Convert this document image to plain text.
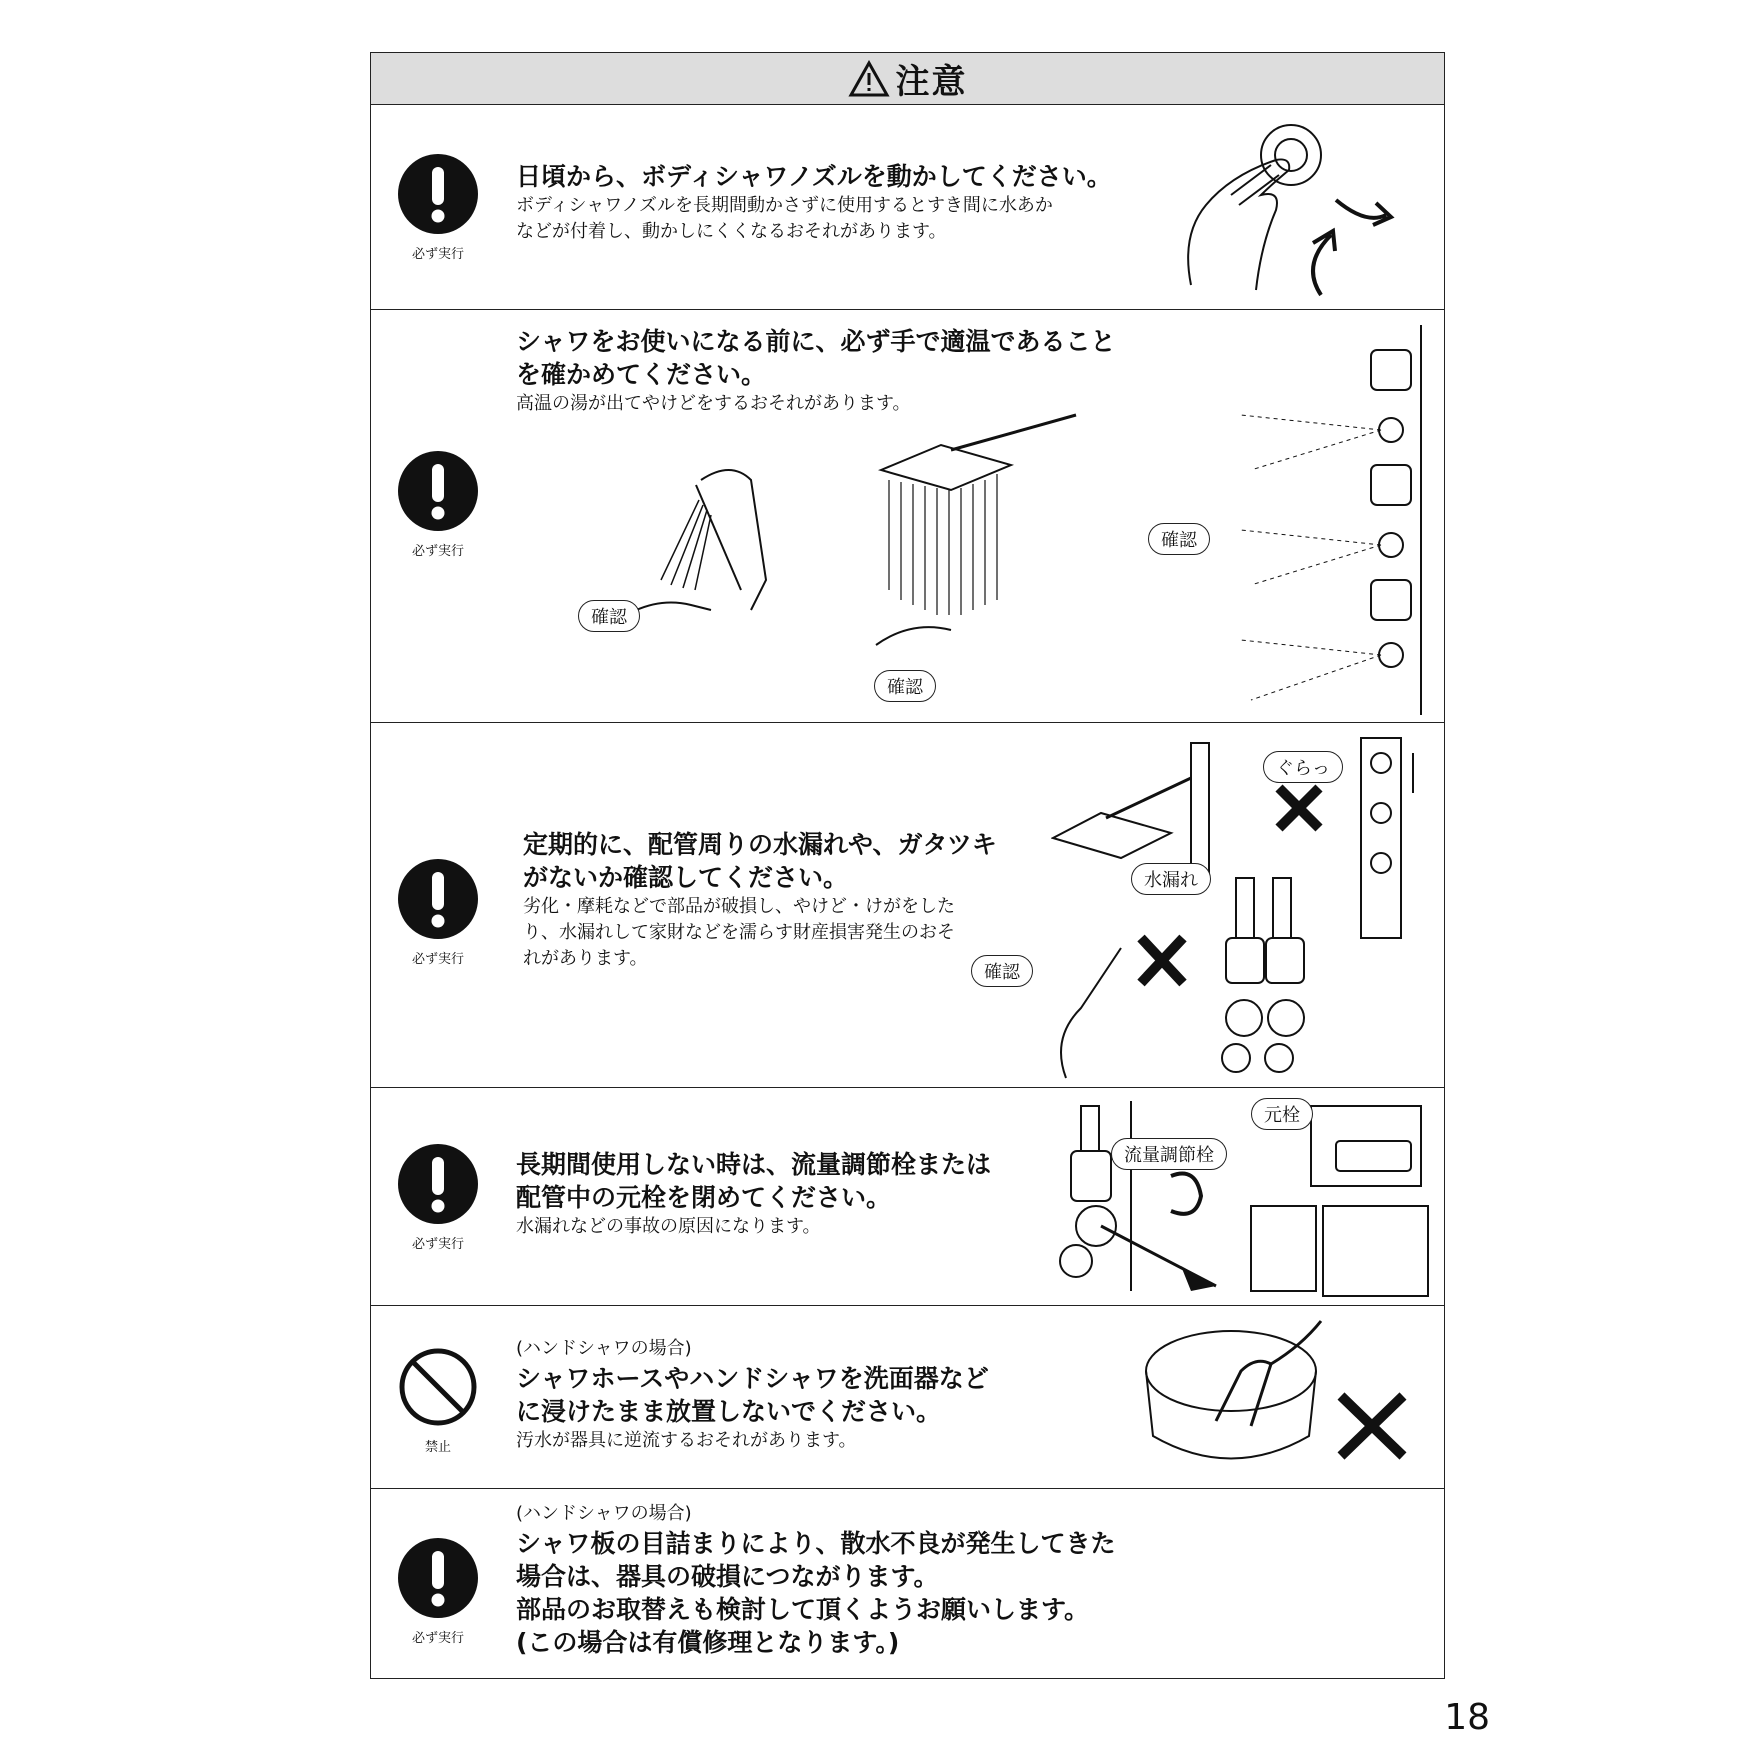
注意
必ず実行
日頃から、ボディシャワノズルを動かしてください。
ボディシャワノズルを長期間動かさずに使用するとすき間に水あか
などが付着し、動かしにくくなるおそれがあります。
必ず実行
シャワをお使いになる前に、必ず手で適温であること
を確かめてください。
高温の湯が出てやけどをするおそれがあります。
確認
確認
確認
必ず実行
定期的に、配管周りの水漏れや、ガタツキ
がないか確認してください。
劣化・摩耗などで部品が破損し、やけど・けがをした
り、水漏れして家財などを濡らす財産損害発生のおそ
れがあります。
ぐらっ
水漏れ
確認
必ず実行
長期間使用しない時は、流量調節栓または
配管中の元栓を閉めてください。
水漏れなどの事故の原因になります。
元栓
流量調節栓
禁止
(ハンドシャワの場合)
シャワホースやハンドシャワを洗面器など
に浸けたまま放置しないでください。
汚水が器具に逆流するおそれがあります。
必ず実行
(ハンドシャワの場合)
シャワ板の目詰まりにより、散水不良が発生してきた
場合は、器具の破損につながります。
部品のお取替えも検討して頂くようお願いします。
(この場合は有償修理となります。)
18
